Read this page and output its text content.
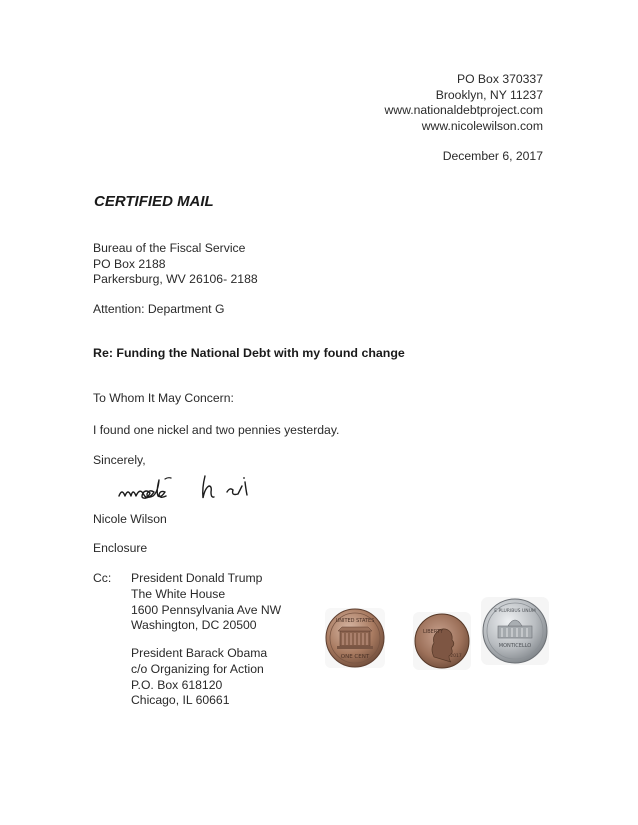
PO Box 370337
Brooklyn, NY 11237
www.nationaldebtproject.com
www.nicolewilson.com
December 6, 2017
CERTIFIED MAIL
Bureau of the Fiscal Service
PO Box 2188
Parkersburg, WV 26106- 2188
Attention: Department G
Re: Funding the National Debt with my found change
To Whom It May Concern:
I found one nickel and two pennies yesterday.
Sincerely,
Nicole Wilson
Enclosure
Cc: President Donald Trump
The White House
1600 Pennsylvania Ave NW
Washington, DC 20500
President Barack Obama
c/o Organizing for Action
P.O. Box 618120
Chicago, IL 60661
UNITED STATES
ONE CENT
LIBERTY
2017
MONTICELLO
E PLURIBUS UNUM
